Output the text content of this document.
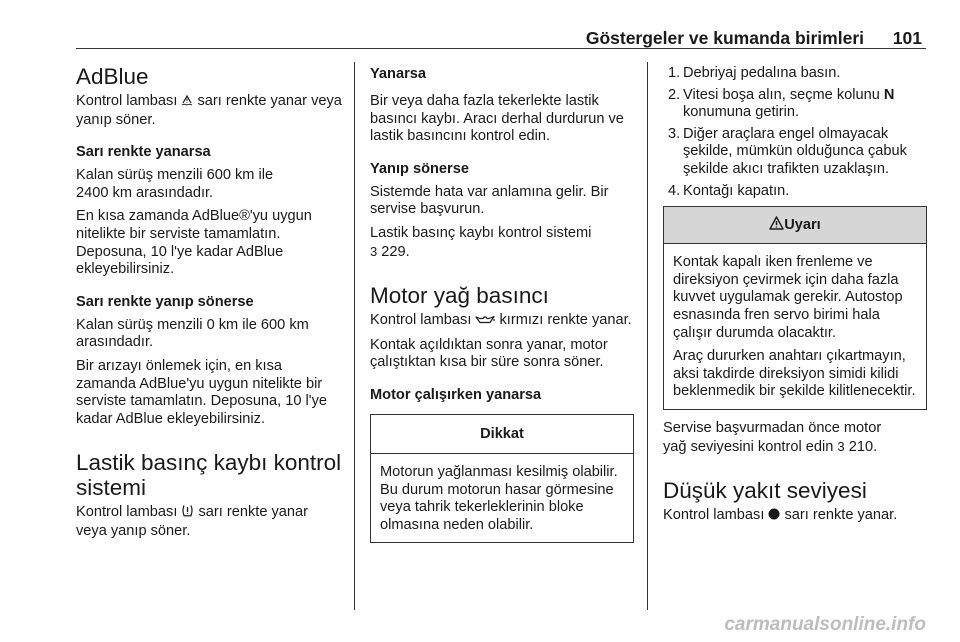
Göstergeler ve kumanda birimleri 101
AdBlue

Kontrol lambası  sarı renkte yanar veya yanıp söner.

Sarı renkte yanarsa

Kalan sürüş menzili 600 km ile
2400 km arasındadır.

En kısa zamanda AdBlue®'yu uygun nitelikte bir serviste tamamlatın. Deposuna, 10 l'ye kadar AdBlue ekleyebilirsiniz.

Sarı renkte yanıp sönerse

Kalan sürüş menzili 0 km ile 600 km arasındadır.

Bir arızayı önlemek için, en kısa zamanda AdBlue'yu uygun nitelikte bir serviste tamamlatın. Deposuna, 10 l'ye kadar AdBlue ekleyebilirsiniz.

Lastik basınç kaybı kontrol sistemi

Kontrol lambası  sarı renkte yanar veya yanıp söner.

Yanarsa

Bir veya daha fazla tekerlekte lastik basıncı kaybı. Aracı derhal durdurun ve lastik basıncını kontrol edin.

Yanıp sönerse

Sistemde hata var anlamına gelir. Bir servise başvurun.

Lastik basınç kaybı kontrol sistemi
3 229.

Motor yağ basıncı

Kontrol lambası  kırmızı renkte yanar.

Kontak açıldıktan sonra yanar, motor çalıştıktan kısa bir süre sonra söner.

Motor çalışırken yanarsa
Dikkat
Motorun yağlanması kesilmiş olabilir. Bu durum motorun hasar görmesine veya tahrik tekerleklerinin bloke olmasına neden olabilir.
1. Debriyaj pedalına basın.
2. Vitesi boşa alın, seçme kolunu N konumuna getirin.
3. Diğer araçlara engel olmayacak şekilde, mümkün olduğunca çabuk şekilde akıcı trafikten uzaklaşın.
4. Kontağı kapatın.
Uyarı

Kontak kapalı iken frenleme ve direksiyon çevirmek için daha fazla kuvvet uygulamak gerekir. Autostop esnasında fren servo birimi hala çalışır durumda olacaktır.

Araç dururken anahtarı çıkartmayın, aksi takdirde direksiyon simidi kilidi beklenmedik bir şekilde kilitlenecektir.

Servise başvurmadan önce motor
yağ seviyesini kontrol edin 3 210.

Düşük yakıt seviyesi

Kontrol lambası  sarı renkte yanar.

carmanualsonline.info
